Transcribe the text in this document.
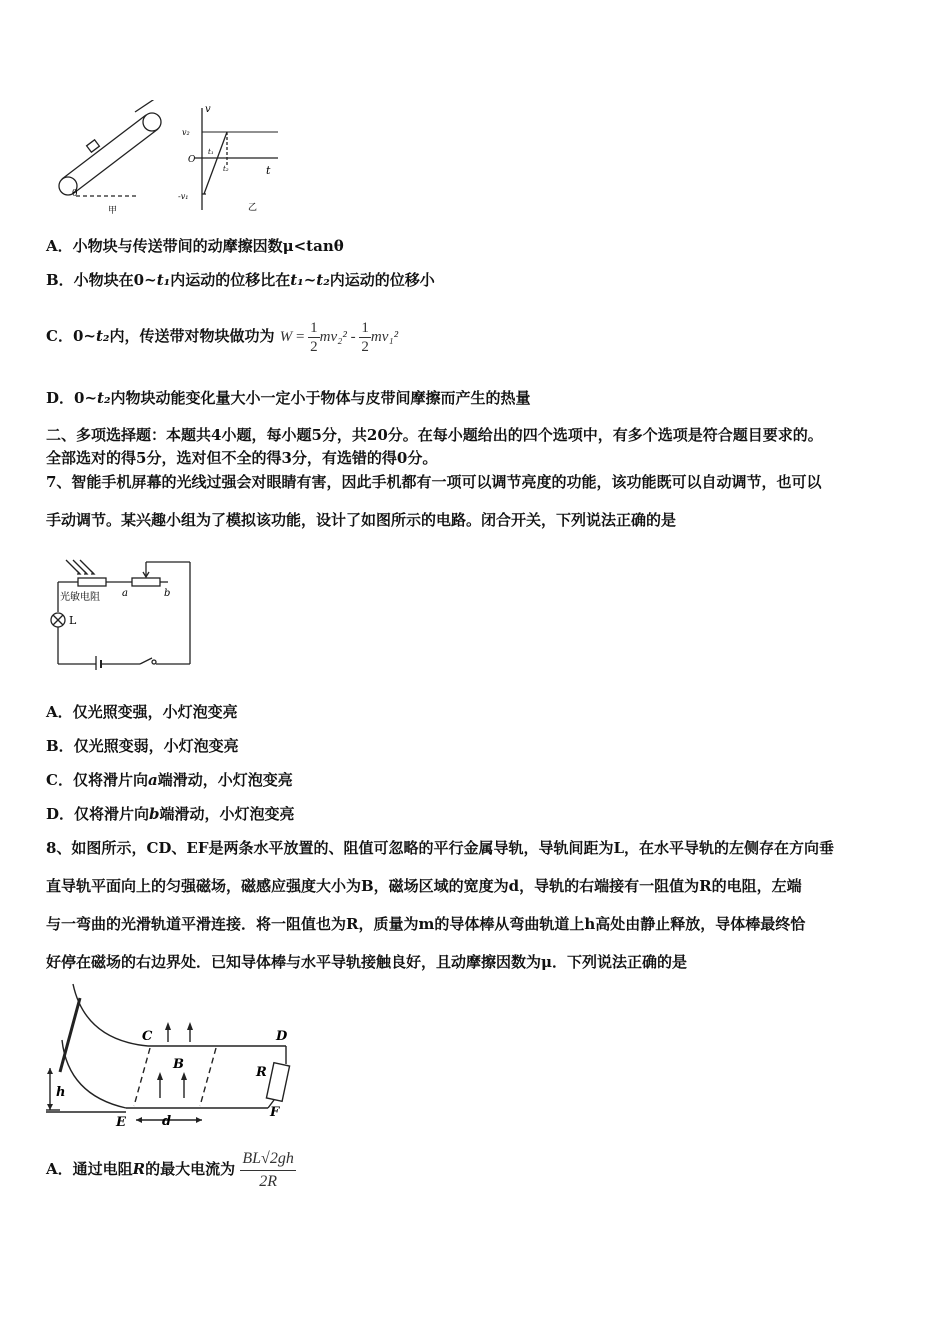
θ
甲
v
v₂
O
t₁
t₂	t
-v₁
乙
A．小物块与传送带间的动摩擦因数μ<tanθ
B．小物块在0~t₁内运动的位移比在t₁~t₂内运动的位移小
C．0~t₂内，传送带对物块做功为 $W = \frac{1}{2} mv_2^2 - \frac{1}{2} mv_1^2$
D．0~t₂内物块动能变化量大小一定小于物体与皮带间摩擦而产生的热量
二、多项选择题：本题共4小题，每小题5分，共20分。在每小题给出的四个选项中，有多个选项是符合题目要求的。
全部选对的得5分，选对但不全的得3分，有选错的得0分。
7、智能手机屏幕的光线过强会对眼睛有害，因此手机都有一项可以调节亮度的功能，该功能既可以自动调节，也可以
手动调节。某兴趣小组为了模拟该功能，设计了如图所示的电路。闭合开关，下列说法正确的是
光敏电阻 a	b
L
A．仅光照变强，小灯泡变亮
B．仅光照变弱，小灯泡变亮
C．仅将滑片向a端滑动，小灯泡变亮
D．仅将滑片向b端滑动，小灯泡变亮
8、如图所示，CD、EF是两条水平放置的、阻值可忽略的平行金属导轨，导轨间距为L，在水平导轨的左侧存在方向垂
直导轨平面向上的匀强磁场，磁感应强度大小为B，磁场区域的宽度为d，导轨的右端接有一阻值为R的电阻，左端
与一弯曲的光滑轨道平滑连接．将一阻值也为R，质量为m的导体棒从弯曲轨道上h高处由静止释放，导体棒最终恰
好停在磁场的右边界处．已知导体棒与水平导轨接触良好，且动摩擦因数为μ．下列说法正确的是
C	D
B
R
h
E
F
d
A．通过电阻R的最大电流为 $\frac{BL√2gh}{2R}$
